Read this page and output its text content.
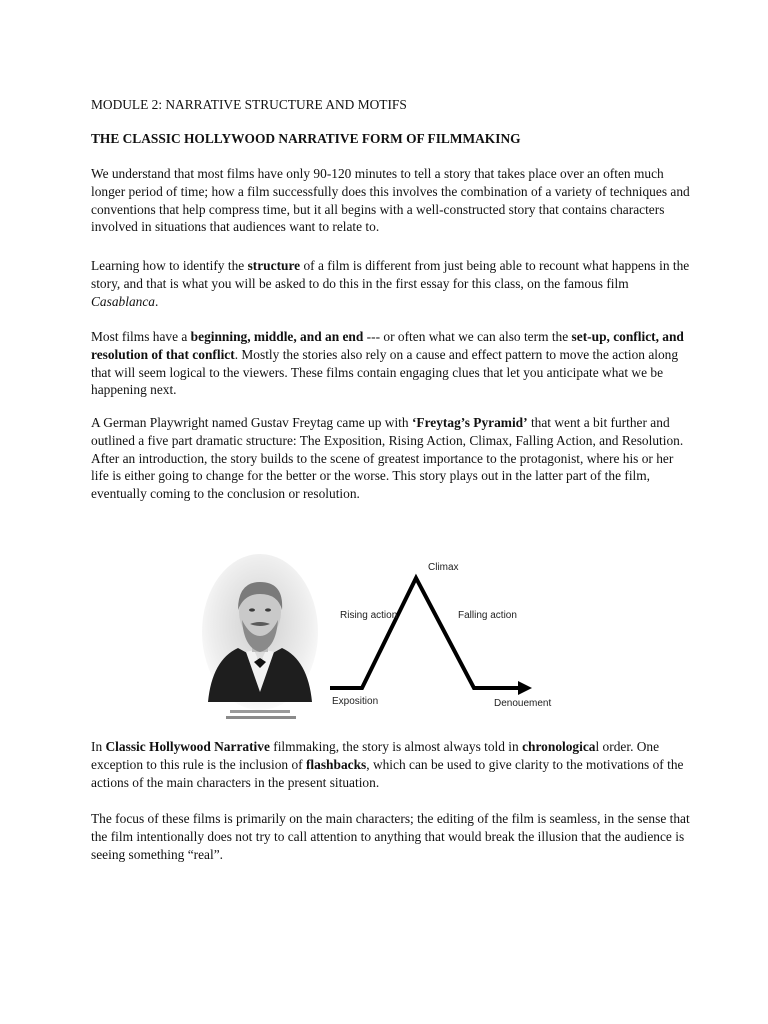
MODULE 2: NARRATIVE STRUCTURE AND MOTIFS

THE CLASSIC HOLLYWOOD NARRATIVE FORM OF FILMMAKING

We understand that most films have only 90-120 minutes to tell a story that takes place over an often much longer period of time; how a film successfully does this involves the combination of a variety of techniques and conventions that help compress time, but it all begins with a well-constructed story that contains characters involved in situations that audiences want to relate to.

Learning how to identify the structure of a film is different from just being able to recount what happens in the story, and that is what you will be asked to do this in the first essay for this class, on the famous film Casablanca.

Most films have a beginning, middle, and an end --- or often what we can also term the set-up, conflict, and resolution of that conflict. Mostly the stories also rely on a cause and effect pattern to move the action along that will seem logical to the viewers. These films contain engaging clues that let you anticipate what we be happening next.

A German Playwright named Gustav Freytag came up with ‘Freytag’s Pyramid’ that went a bit further and outlined a five part dramatic structure: The Exposition, Rising Action, Climax, Falling Action, and Resolution. After an introduction, the story builds to the scene of greatest importance to the protagonist, where his or her life is either going to change for the better or the worse. This story plays out in the latter part of the film, eventually coming to the conclusion or resolution.

Climax
Rising action	Falling action
Exposition	Denouement

In Classic Hollywood Narrative filmmaking, the story is almost always told in chronological order. One exception to this rule is the inclusion of flashbacks, which can be used to give clarity to the motivations of the actions of the main characters in the present situation.

The focus of these films is primarily on the main characters; the editing of the film is seamless, in the sense that the film intentionally does not try to call attention to anything that would break the illusion that the audience is seeing something “real”.
